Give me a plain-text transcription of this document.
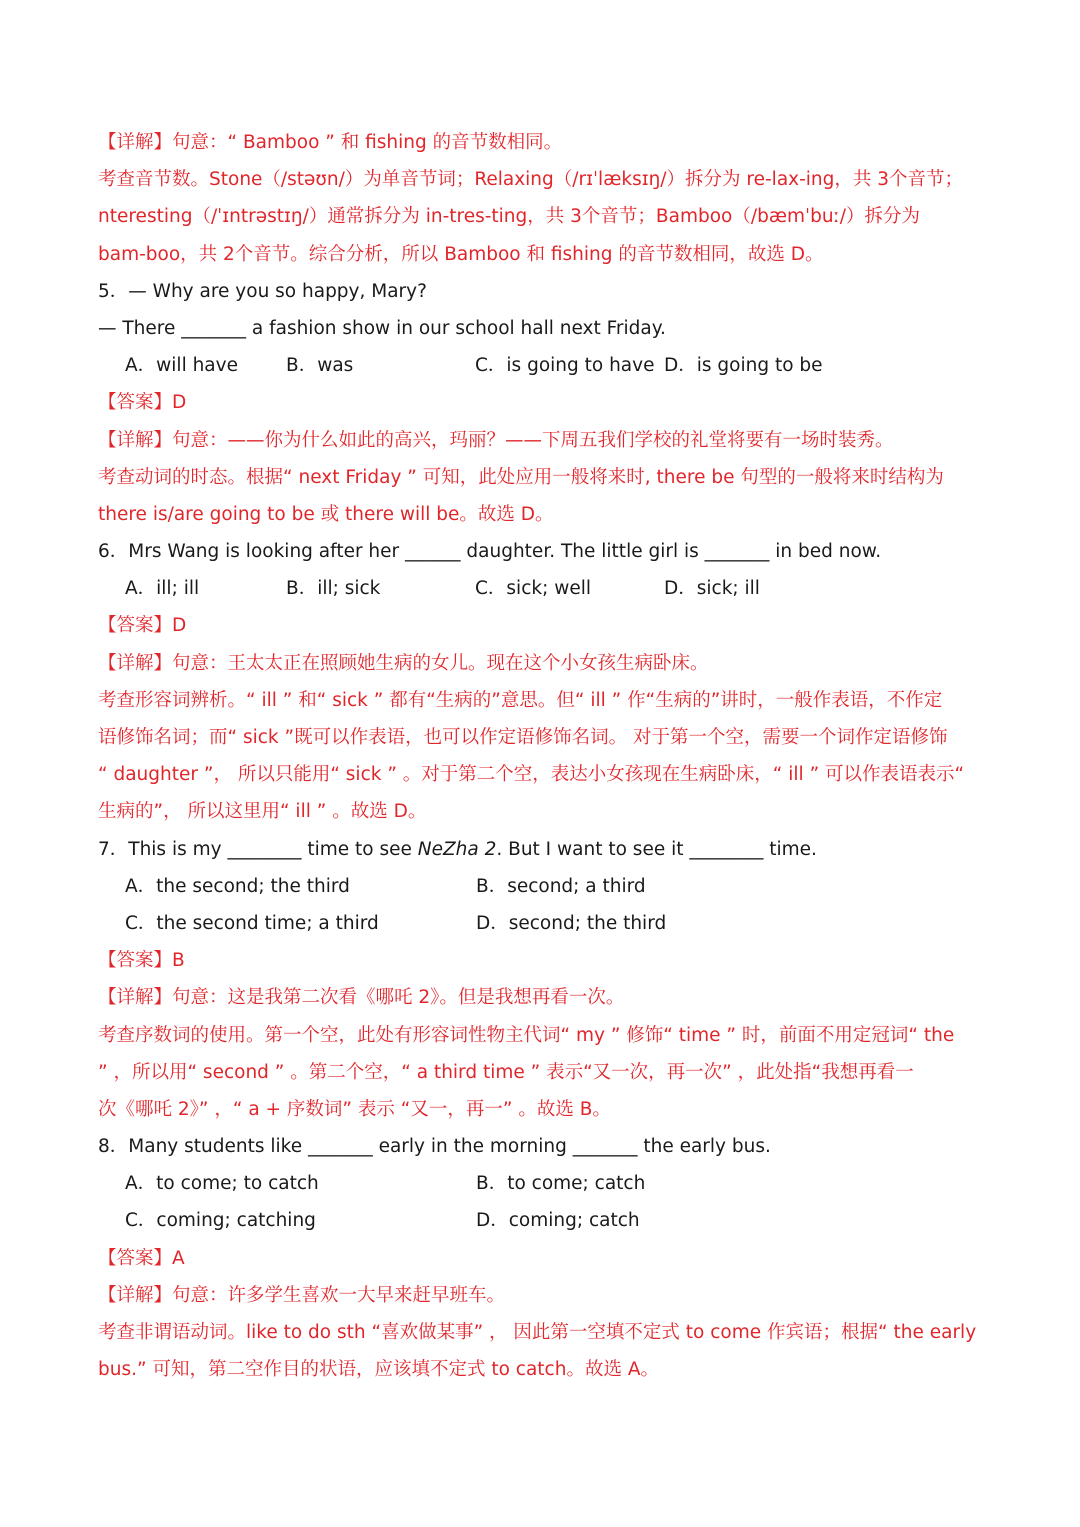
【详解】句意：“ Bamboo ” 和 fishing 的音节数相同。
考查音节数。Stone（/stəʊn/）为单音节词；Relaxing（/rɪˈlæksɪŋ/）拆分为 re-lax-ing，共 3个音节；
nteresting（/ˈɪntrəstɪŋ/）通常拆分为 in-tres-ting，共 3个音节；Bamboo（/bæmˈbuː/）拆分为
bam-boo，共 2个音节。综合分析，所以 Bamboo 和 fishing 的音节数相同，故选 D。
5．— Why are you so happy, Mary?
— There _______ a fashion show in our school hall next Friday.
A．will have	B．was	C．is going to have D．is going to be
【答案】D
【详解】句意：——你为什么如此的高兴，玛丽？——下周五我们学校的礼堂将要有一场时装秀。
考查动词的时态。根据“ next Friday ” 可知，此处应用一般将来时, there be 句型的一般将来时结构为
there is/are going to be 或 there will be。故选 D。
6．Mrs Wang is looking after her ______ daughter. The little girl is _______ in bed now.
A．ill; ill	B．ill; sick	C．sick; well	D．sick; ill
【答案】D
【详解】句意：王太太正在照顾她生病的女儿。现在这个小女孩生病卧床。
考查形容词辨析。“ ill ” 和“ sick ” 都有“生病的”意思。但“ ill ” 作“生病的”讲时，一般作表语，不作定
语修饰名词；而“ sick ”既可以作表语，也可以作定语修饰名词。 对于第一个空，需要一个词作定语修饰
“ daughter ”， 所以只能用“ sick ” 。对于第二个空，表达小女孩现在生病卧床，“ ill ” 可以作表语表示“
生病的”， 所以这里用“ ill ” 。故选 D。
7．This is my ________ time to see NeZha 2. But I want to see it ________ time.
A．the second; the third	B．second; a third
C．the second time; a third	D．second; the third
【答案】B
【详解】句意：这是我第二次看《哪吒 2》。但是我想再看一次。
考查序数词的使用。第一个空，此处有形容词性物主代词“ my ” 修饰“ time ” 时，前面不用定冠词“ the
” ，所以用“ second ” 。第二个空，“ a third time ” 表示“又一次，再一次” ，此处指“我想再看一
次《哪吒 2》” ，“ a + 序数词” 表示 “又一，再一” 。故选 B。
8．Many students like _______ early in the morning _______ the early bus.
A．to come; to catch	B．to come; catch
C．coming; catching	D．coming; catch
【答案】A
【详解】句意：许多学生喜欢一大早来赶早班车。
考查非谓语动词。like to do sth “喜欢做某事” ， 因此第一空填不定式 to come 作宾语；根据“ the early
bus.” 可知，第二空作目的状语，应该填不定式 to catch。故选 A。
